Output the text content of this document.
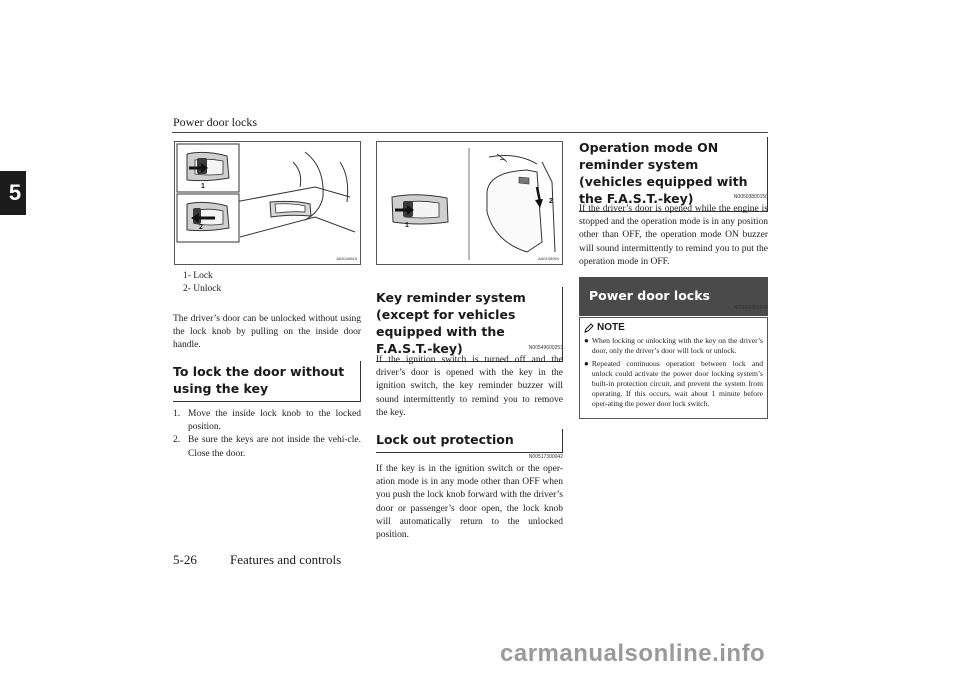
Power door locks
5	1
2
AA0116815
1- Lock
2- Unlock
The driver’s door can be unlocked without using the lock knob by pulling on the inside door handle.
To lock the door without using the key
1. Move the inside lock knob to the locked position.
2. Be sure the keys are not inside the vehi-cle. Close the door.
1
2
AA0108994
Key reminder system (except for vehicles equipped with the F.A.S.T.-key)	N00549600253
If the ignition switch is turned off and the driver’s door is opened with the key in the ignition switch, the key reminder buzzer will sound intermittently to remind you to remove the key.
Lock out protection
N00517300042
If the key is in the ignition switch or the oper-ation mode is in any mode other than OFF when you push the lock knob forward with the driver’s door or passenger’s door open, the lock knob will automatically return to the unlocked position.
Operation mode ON reminder system (vehicles equipped with the F.A.S.T.-key)	N00503800150
If the driver’s door is opened while the engine is stopped and the operation mode is in any position other than OFF, the operation mode ON buzzer will sound intermittently to remind you to put the operation mode in OFF.
Power door locks
N00509301646
NOTE
● When locking or unlocking with the key on the driver’s door, only the driver’s door will lock or unlock.
● Repeated continuous operation between lock and unlock could activate the power door locking system’s built-in protection circuit, and prevent the system from operating. If this occurs, wait about 1 minute before oper-ating the power door lock switch.
5-26	Features and controls
carmanualsonline.info
